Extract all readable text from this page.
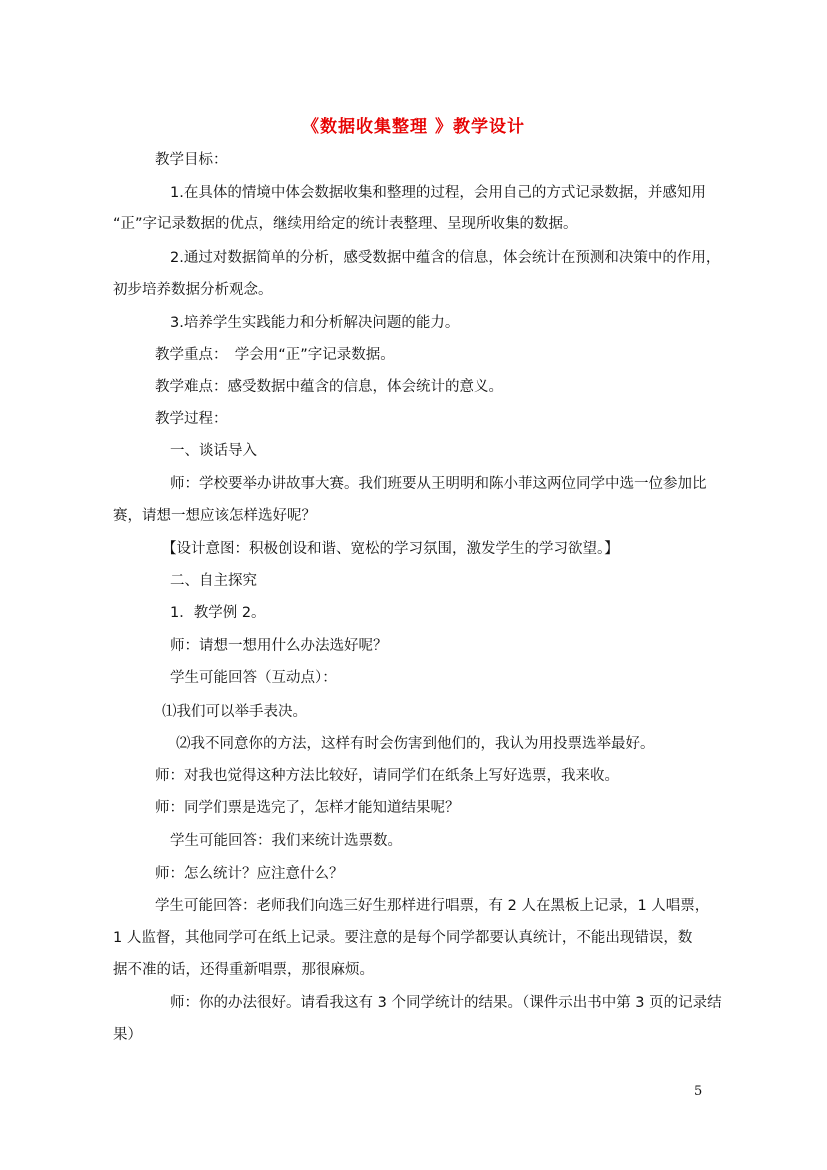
《数据收集整理 》教学设计
教学目标：
1.在具体的情境中体会数据收集和整理的过程，会用自己的方式记录数据，并感知用
“正”字记录数据的优点，继续用给定的统计表整理、呈现所收集的数据。
2.通过对数据简单的分析，感受数据中蕴含的信息，体会统计在预测和决策中的作用，
初步培养数据分析观念。
3.培养学生实践能力和分析解决问题的能力。
教学重点：　学会用“正”字记录数据。
教学难点：感受数据中蕴含的信息，体会统计的意义。
教学过程：
一、谈话导入
师：学校要举办讲故事大赛。我们班要从王明明和陈小菲这两位同学中选一位参加比
赛，请想一想应该怎样选好呢？
【设计意图：积极创设和谐、宽松的学习氛围，激发学生的学习欲望。】
二、自主探究
1．教学例 2。
师：请想一想用什么办法选好呢？
学生可能回答（互动点）：
⑴我们可以举手表决。
⑵我不同意你的方法，这样有时会伤害到他们的，我认为用投票选举最好。
师：对我也觉得这种方法比较好，请同学们在纸条上写好选票，我来收。
师：同学们票是选完了，怎样才能知道结果呢？
学生可能回答：我们来统计选票数。
师：怎么统计？应注意什么？
学生可能回答：老师我们向选三好生那样进行唱票，有 2 人在黑板上记录，1 人唱票，
1 人监督，其他同学可在纸上记录。要注意的是每个同学都要认真统计，不能出现错误，数
据不准的话，还得重新唱票，那很麻烦。
师：你的办法很好。请看我这有 3 个同学统计的结果。（课件示出书中第 3 页的记录结
果）
5
